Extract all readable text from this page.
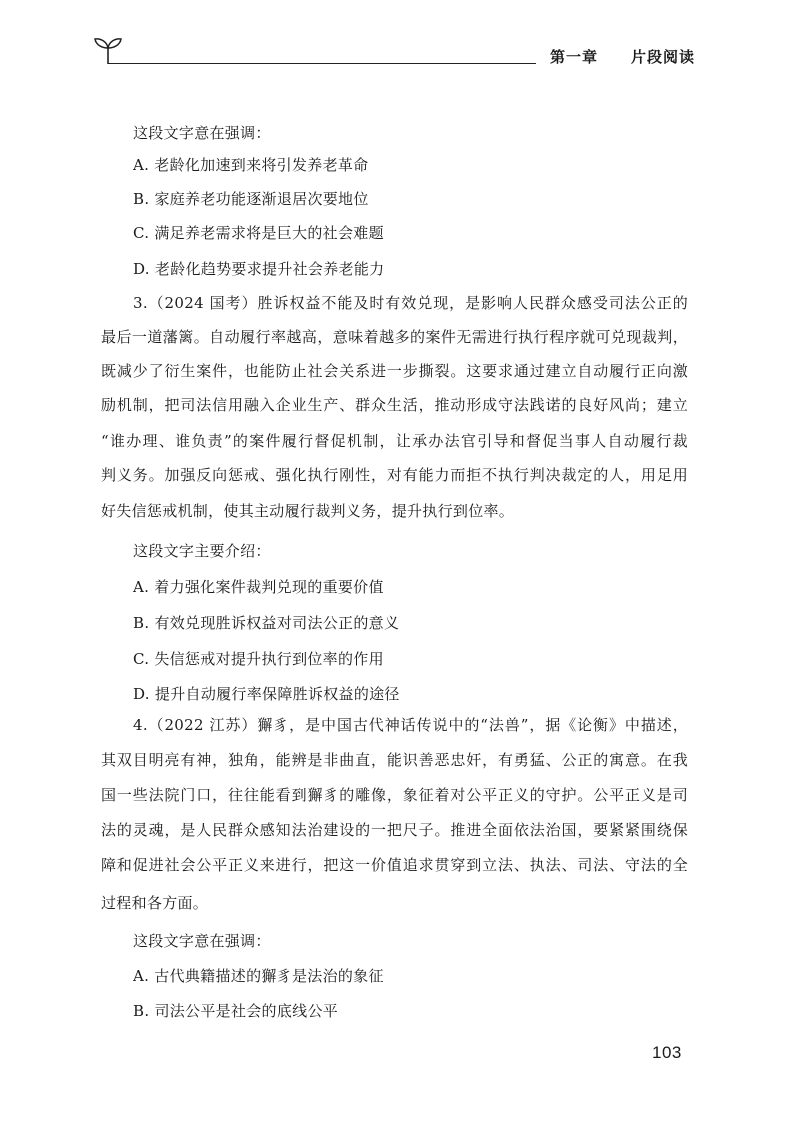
第一章 片段阅读
这段文字意在强调：
A. 老龄化加速到来将引发养老革命
B. 家庭养老功能逐渐退居次要地位
C. 满足养老需求将是巨大的社会难题
D. 老龄化趋势要求提升社会养老能力
3.（2024 国考）胜诉权益不能及时有效兑现，是影响人民群众感受司法公正的
最后一道藩篱。自动履行率越高，意味着越多的案件无需进行执行程序就可兑现裁判，
既减少了衍生案件，也能防止社会关系进一步撕裂。这要求通过建立自动履行正向激
励机制，把司法信用融入企业生产、群众生活，推动形成守法践诺的良好风尚；建立
“谁办理、谁负责”的案件履行督促机制，让承办法官引导和督促当事人自动履行裁
判义务。加强反向惩戒、强化执行刚性，对有能力而拒不执行判决裁定的人，用足用
好失信惩戒机制，使其主动履行裁判义务，提升执行到位率。
这段文字主要介绍：
A. 着力强化案件裁判兑现的重要价值
B. 有效兑现胜诉权益对司法公正的意义
C. 失信惩戒对提升执行到位率的作用
D. 提升自动履行率保障胜诉权益的途径
4.（2022 江苏）獬豸，是中国古代神话传说中的“法兽”，据《论衡》中描述，
其双目明亮有神，独角，能辨是非曲直，能识善恶忠奸，有勇猛、公正的寓意。在我
国一些法院门口，往往能看到獬豸的雕像，象征着对公平正义的守护。公平正义是司
法的灵魂，是人民群众感知法治建设的一把尺子。推进全面依法治国，要紧紧围绕保
障和促进社会公平正义来进行，把这一价值追求贯穿到立法、执法、司法、守法的全
过程和各方面。
这段文字意在强调：
A. 古代典籍描述的獬豸是法治的象征
B. 司法公平是社会的底线公平
103
